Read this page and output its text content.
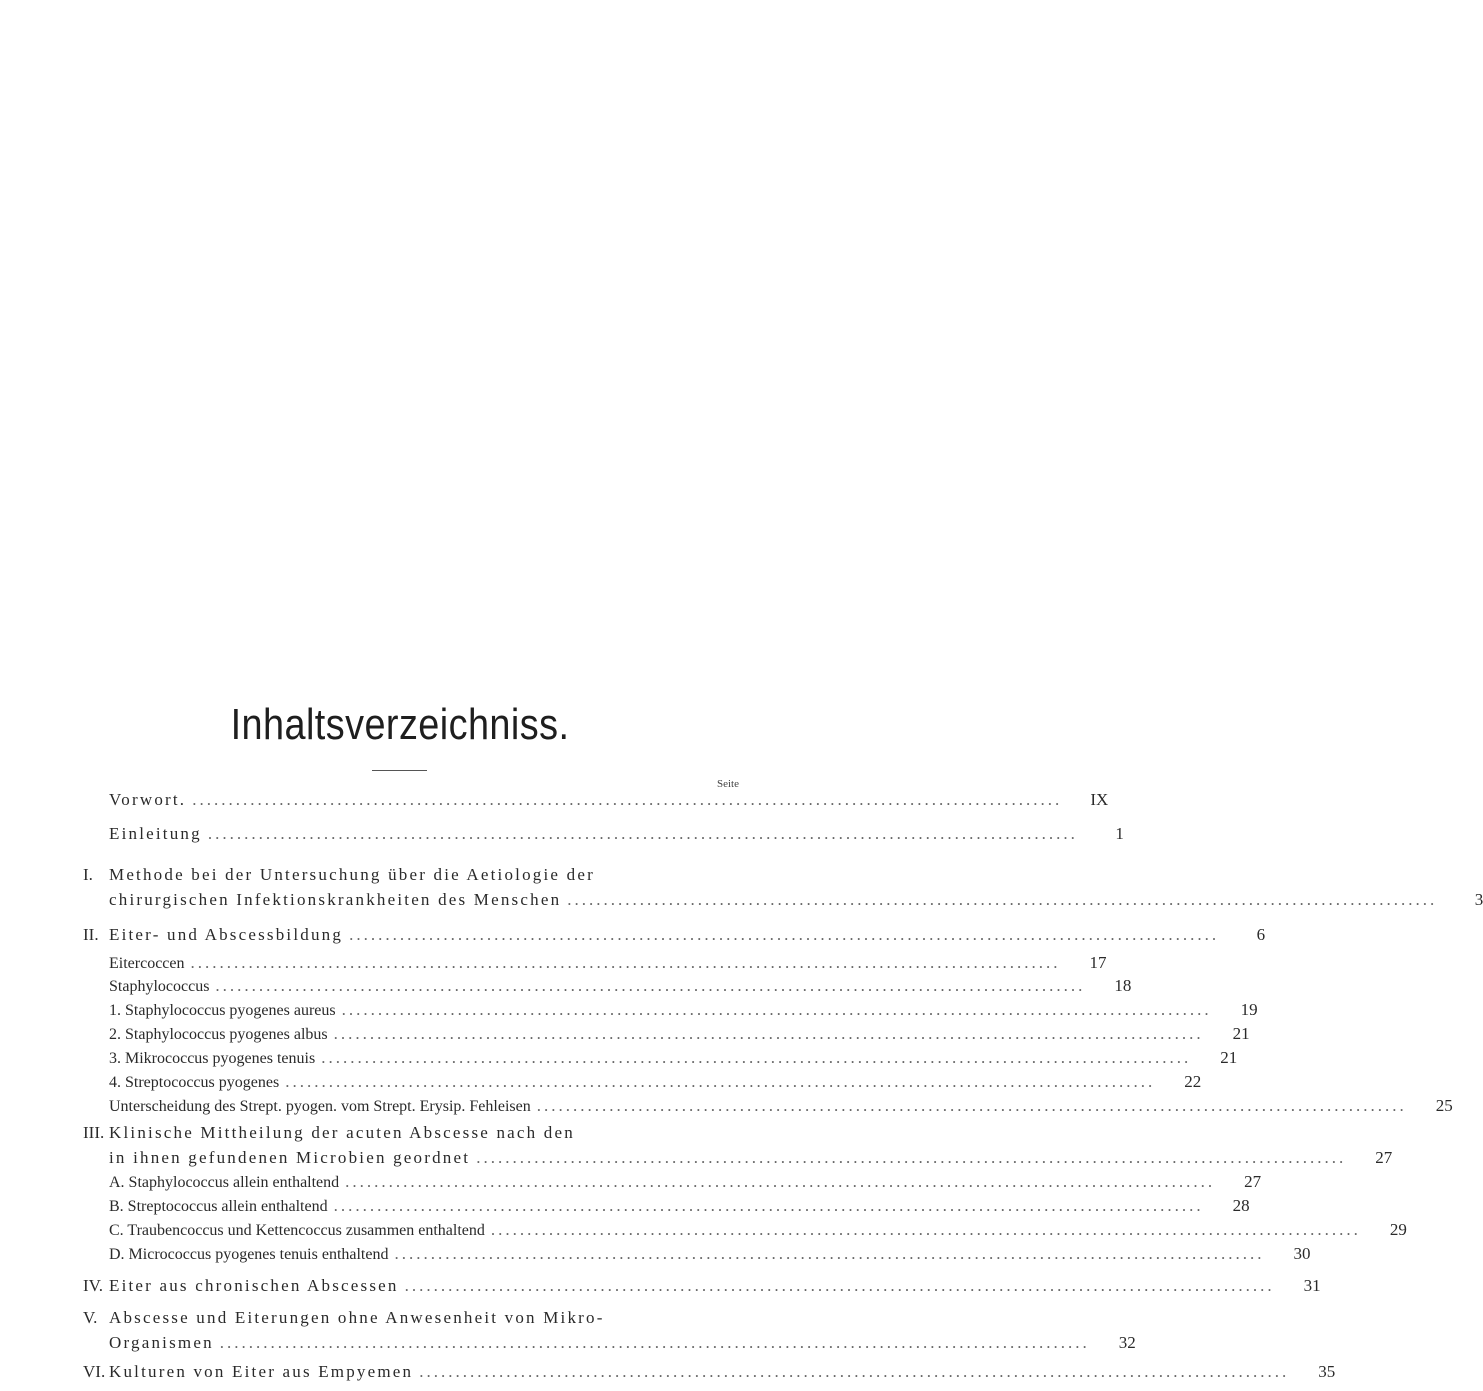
Inhaltsverzeichniss.
Seite
Vorwort. ........................................................................................................................	IX
Einleitung ........................................................................................................................	1
I. Methode bei der Untersuchung über die Aetiologie der
chirurgischen Infektionskrankheiten des Menschen ........................................................................................................................	3
II. Eiter- und Abscessbildung ........................................................................................................................	6
Eitercoccen ........................................................................................................................	17
Staphylococcus ........................................................................................................................	18
1. Staphylococcus pyogenes aureus ........................................................................................................................	19
2. Staphylococcus pyogenes albus ........................................................................................................................	21
3. Mikrococcus pyogenes tenuis ........................................................................................................................	21
4. Streptococcus pyogenes ........................................................................................................................	22
Unterscheidung des Strept. pyogen. vom Strept. Erysip. Fehleisen ........................................................................................................................	25
III. Klinische Mittheilung der acuten Abscesse nach den
in ihnen gefundenen Microbien geordnet ........................................................................................................................	27
A. Staphylococcus allein enthaltend ........................................................................................................................	27
B. Streptococcus allein enthaltend ........................................................................................................................	28
C. Traubencoccus und Kettencoccus zusammen enthaltend ........................................................................................................................	29
D. Micrococcus pyogenes tenuis enthaltend ........................................................................................................................	30
IV. Eiter aus chronischen Abscessen ........................................................................................................................	31
V. Abscesse und Eiterungen ohne Anwesenheit von Mikro-
Organismen ........................................................................................................................	32
VI. Kulturen von Eiter aus Empyemen ........................................................................................................................	35
